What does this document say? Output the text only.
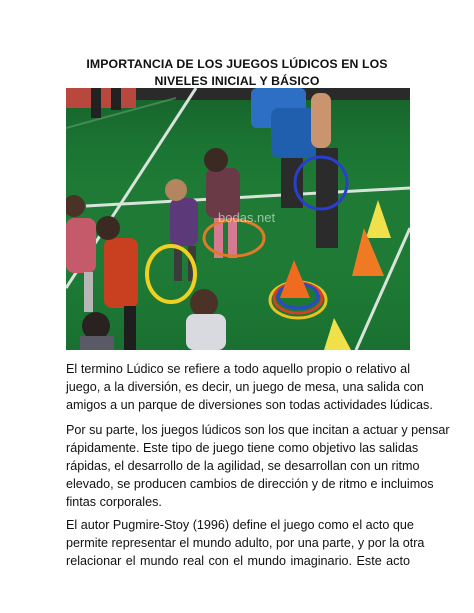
IMPORTANCIA DE LOS JUEGOS LÚDICOS EN LOS
NIVELES INICIAL Y BÁSICO
bodas.net
El termino Lúdico se refiere a todo aquello propio o relativo al
juego, a la diversión, es decir, un juego de mesa, una salida con
amigos a un parque de diversiones son todas actividades lúdicas.
Por su parte, los juegos lúdicos son los que incitan a actuar y pensar
rápidamente. Este tipo de juego tiene como objetivo las salidas
rápidas, el desarrollo de la agilidad, se desarrollan con un ritmo
elevado, se producen cambios de dirección y de ritmo e incluimos
fintas corporales.
El autor Pugmire-Stoy (1996) define el juego como el acto que
permite representar el mundo adulto, por una parte, y por la otra
relacionar el mundo real con el mundo imaginario. Este acto
